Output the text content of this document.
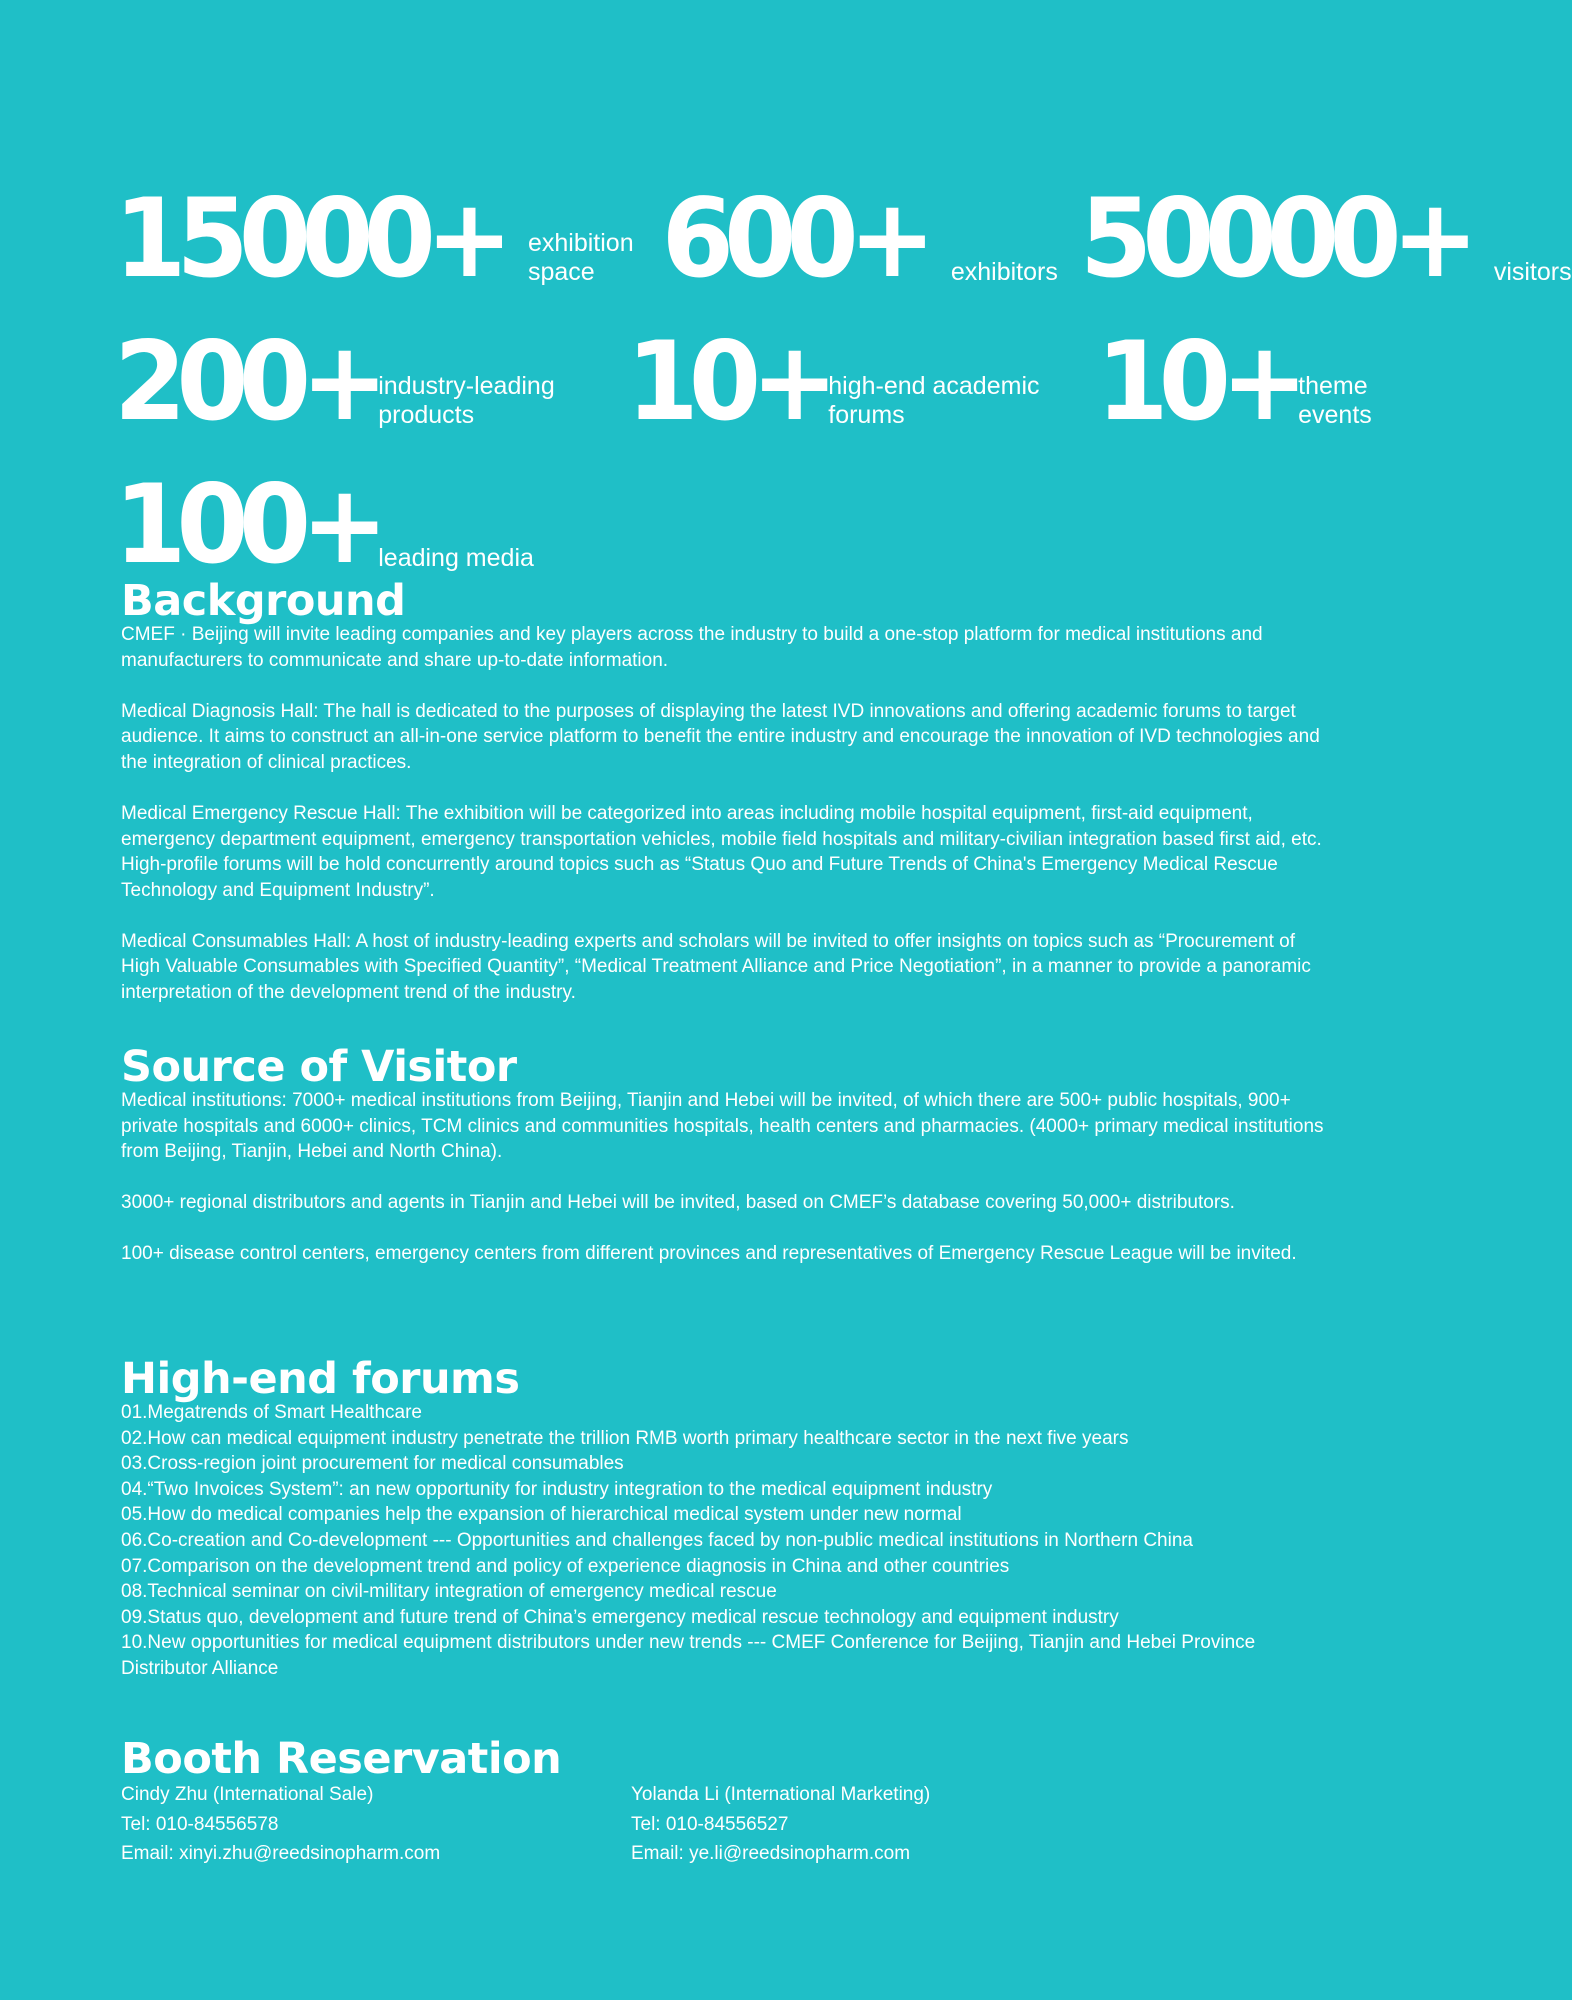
15000+ exhibition space 600+ exhibitors 50000+ visitors
200+ industry-leading products	10+ high-end academic forums	10+ theme events
100+ leading media
Background

CMEF · Beijing will invite leading companies and key players across the industry to build a one-stop platform for medical institutions and manufacturers to communicate and share up-to-date information.

Medical Diagnosis Hall: The hall is dedicated to the purposes of displaying the latest IVD innovations and offering academic forums to target audience. It aims to construct an all-in-one service platform to benefit the entire industry and encourage the innovation of IVD technologies and the integration of clinical practices.

Medical Emergency Rescue Hall: The exhibition will be categorized into areas including mobile hospital equipment, first-aid equipment, emergency department equipment, emergency transportation vehicles, mobile field hospitals and military-civilian integration based first aid, etc. High-profile forums will be hold concurrently around topics such as “Status Quo and Future Trends of China's Emergency Medical Rescue Technology and Equipment Industry”.

Medical Consumables Hall: A host of industry-leading experts and scholars will be invited to offer insights on topics such as “Procurement of High Valuable Consumables with Specified Quantity”, “Medical Treatment Alliance and Price Negotiation”, in a manner to provide a panoramic interpretation of the development trend of the industry.

Source of Visitor

Medical institutions: 7000+ medical institutions from Beijing, Tianjin and Hebei will be invited, of which there are 500+ public hospitals, 900+ private hospitals and 6000+ clinics, TCM clinics and communities hospitals, health centers and pharmacies. (4000+ primary medical institutions from Beijing, Tianjin, Hebei and North China).

3000+ regional distributors and agents in Tianjin and Hebei will be invited, based on CMEF’s database covering 50,000+ distributors.

100+ disease control centers, emergency centers from different provinces and representatives of Emergency Rescue League will be invited.

High-end forums
01.Megatrends of Smart Healthcare
02.How can medical equipment industry penetrate the trillion RMB worth primary healthcare sector in the next five years
03.Cross-region joint procurement for medical consumables
04.“Two Invoices System”: an new opportunity for industry integration to the medical equipment industry
05.How do medical companies help the expansion of hierarchical medical system under new normal
06.Co-creation and Co-development --- Opportunities and challenges faced by non-public medical institutions in Northern China
07.Comparison on the development trend and policy of experience diagnosis in China and other countries
08.Technical seminar on civil-military integration of emergency medical rescue
09.Status quo, development and future trend of China’s emergency medical rescue technology and equipment industry
10.New opportunities for medical equipment distributors under new trends --- CMEF Conference for Beijing, Tianjin and Hebei Province Distributor Alliance
Booth Reservation
Cindy Zhu (International Sale)
Tel: 010-84556578
Email: xinyi.zhu@reedsinopharm.com
Yolanda Li (International Marketing)
Tel: 010-84556527
Email: ye.li@reedsinopharm.com
